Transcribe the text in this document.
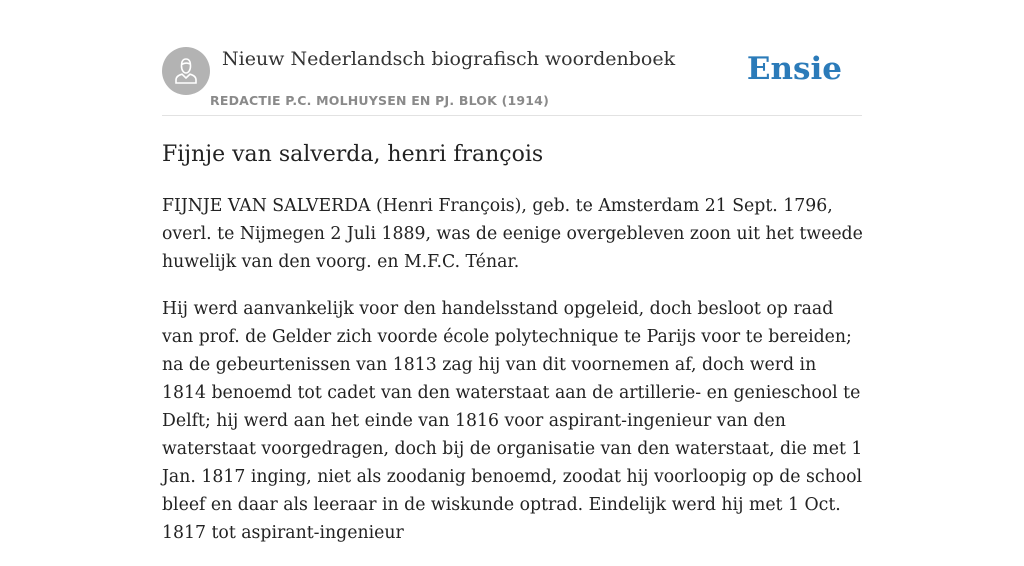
Nieuw Nederlandsch biografisch woordenboek
REDACTIE P.C. MOLHUYSEN EN PJ. BLOK (1914)
Ensie
Fijnje van salverda, henri françois

FIJNJE VAN SALVERDA (Henri François), geb. te Amsterdam 21 Sept. 1796, overl. te Nijmegen 2 Juli 1889, was de eenige overgebleven zoon uit het tweede huwelijk van den voorg. en M.F.C. Ténar.

Hij werd aanvankelijk voor den handelsstand opgeleid, doch besloot op raad van prof. de Gelder zich voorde école polytechnique te Parijs voor te bereiden; na de gebeurtenissen van 1813 zag hij van dit voornemen af, doch werd in 1814 benoemd tot cadet van den waterstaat aan de artillerie- en genieschool te Delft; hij werd aan het einde van 1816 voor aspirant-ingenieur van den waterstaat voorgedragen, doch bij de organisatie van den waterstaat, die met 1 Jan. 1817 inging, niet als zoodanig benoemd, zoodat hij voorloopig op de school bleef en daar als leeraar in de wiskunde optrad. Eindelijk werd hij met 1 Oct. 1817 tot aspirant-ingenieur
